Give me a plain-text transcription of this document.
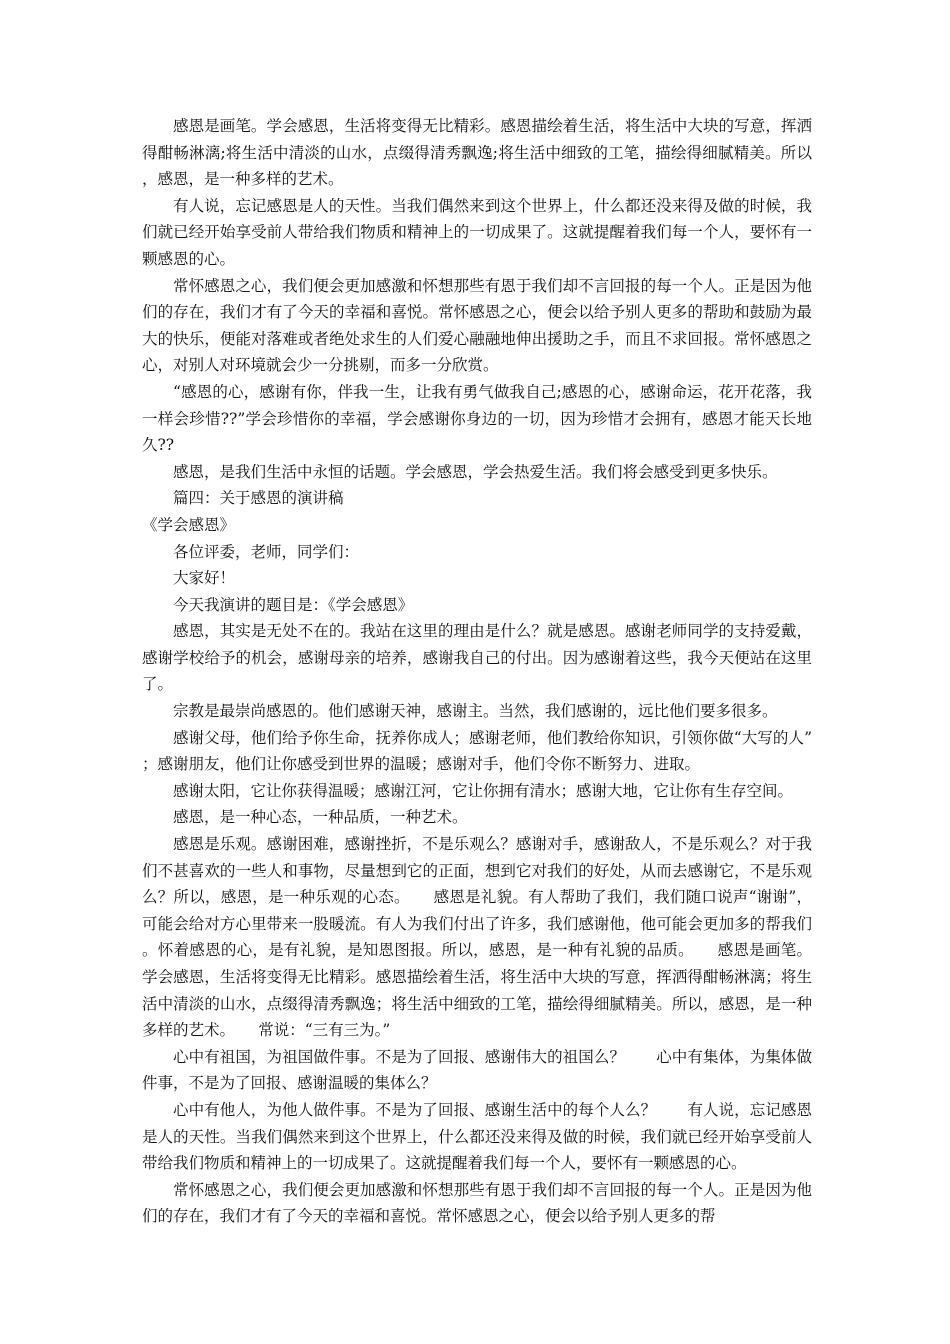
感恩是画笔。学会感恩，生活将变得无比精彩。感恩描绘着生活，将生活中大块的写意，挥洒得酣畅淋漓;将生活中清淡的山水，点缀得清秀飘逸;将生活中细致的工笔，描绘得细腻精美。所以，感恩，是一种多样的艺术。

有人说，忘记感恩是人的天性。当我们偶然来到这个世界上，什么都还没来得及做的时候，我们就已经开始享受前人带给我们物质和精神上的一切成果了。这就提醒着我们每一个人，要怀有一颗感恩的心。

常怀感恩之心，我们便会更加感激和怀想那些有恩于我们却不言回报的每一个人。正是因为他们的存在，我们才有了今天的幸福和喜悦。常怀感恩之心，便会以给予别人更多的帮助和鼓励为最大的快乐，便能对落难或者绝处求生的人们爱心融融地伸出援助之手，而且不求回报。常怀感恩之心，对别人对环境就会少一分挑剔，而多一分欣赏。

“感恩的心，感谢有你，伴我一生，让我有勇气做我自己;感恩的心，感谢命运，花开花落，我一样会珍惜??”学会珍惜你的幸福，学会感谢你身边的一切，因为珍惜才会拥有，感恩才能天长地久??

感恩，是我们生活中永恒的话题。学会感恩，学会热爱生活。我们将会感受到更多快乐。

篇四：关于感恩的演讲稿

《学会感恩》

各位评委，老师，同学们：

大家好！

今天我演讲的题目是：《学会感恩》

感恩，其实是无处不在的。我站在这里的理由是什么？就是感恩。感谢老师同学的支持爱戴，感谢学校给予的机会，感谢母亲的培养，感谢我自己的付出。因为感谢着这些，我今天便站在这里了。

宗教是最崇尚感恩的。他们感谢天神，感谢主。当然，我们感谢的，远比他们要多很多。

感谢父母，他们给予你生命，抚养你成人；感谢老师，他们教给你知识，引领你做“大写的人”；感谢朋友，他们让你感受到世界的温暖；感谢对手，他们令你不断努力、进取。

感谢太阳，它让你获得温暖；感谢江河，它让你拥有清水；感谢大地，它让你有生存空间。

感恩，是一种心态，一种品质，一种艺术。

感恩是乐观。感谢困难，感谢挫折，不是乐观么？感谢对手，感谢敌人，不是乐观么？对于我们不甚喜欢的一些人和事物，尽量想到它的正面，想到它对我们的好处，从而去感谢它，不是乐观么？所以，感恩，是一种乐观的心态。　　感恩是礼貌。有人帮助了我们，我们随口说声“谢谢”，可能会给对方心里带来一股暖流。有人为我们付出了许多，我们感谢他，他可能会更加多的帮我们。怀着感恩的心，是有礼貌，是知恩图报。所以，感恩，是一种有礼貌的品质。　　感恩是画笔。学会感恩，生活将变得无比精彩。感恩描绘着生活，将生活中大块的写意，挥洒得酣畅淋漓；将生活中清淡的山水，点缀得清秀飘逸；将生活中细致的工笔，描绘得细腻精美。所以，感恩，是一种多样的艺术。　　常说：“三有三为。”

心中有祖国，为祖国做件事。不是为了回报、感谢伟大的祖国么？　　心中有集体，为集体做件事，不是为了回报、感谢温暖的集体么？

心中有他人，为他人做件事。不是为了回报、感谢生活中的每个人么？　　有人说，忘记感恩是人的天性。当我们偶然来到这个世界上，什么都还没来得及做的时候，我们就已经开始享受前人带给我们物质和精神上的一切成果了。这就提醒着我们每一个人，要怀有一颗感恩的心。

常怀感恩之心，我们便会更加感激和怀想那些有恩于我们却不言回报的每一个人。正是因为他们的存在，我们才有了今天的幸福和喜悦。常怀感恩之心，便会以给予别人更多的帮
